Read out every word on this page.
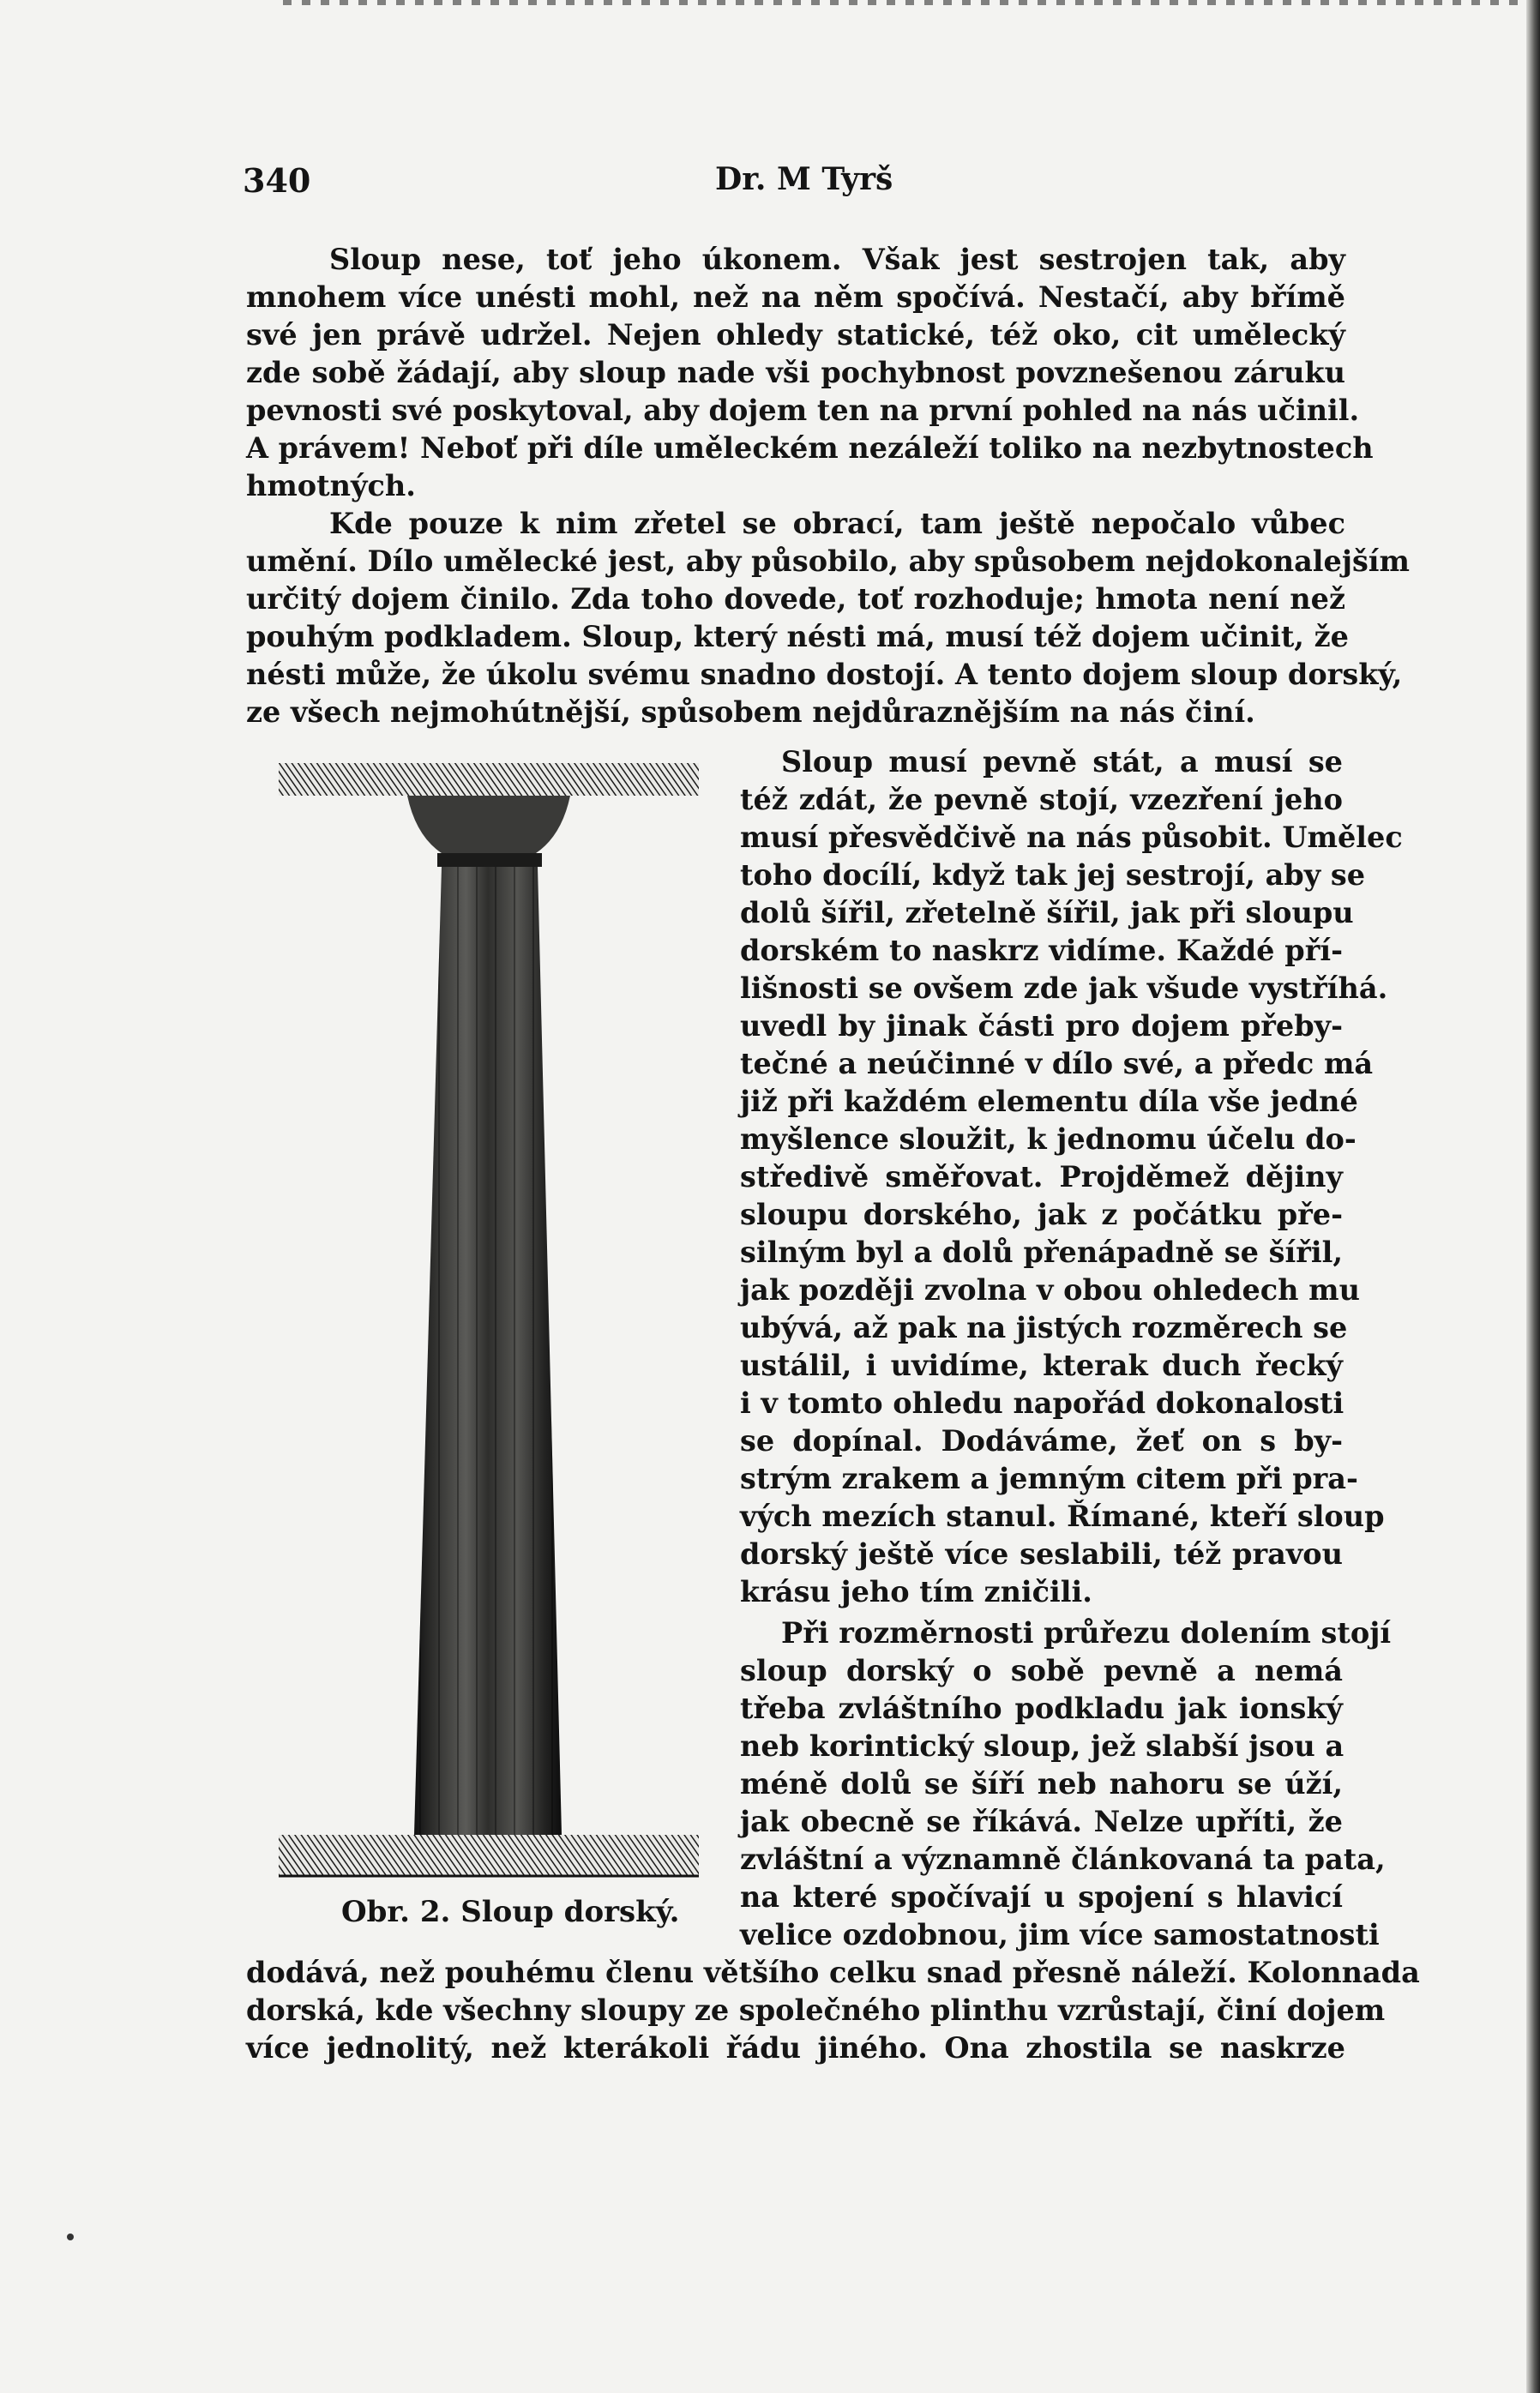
340	Dr. M Tyrš
Sloup nese, toť jeho úkonem. Však jest sestrojen tak, aby
mnohem více unésti mohl, než na něm spočívá. Nestačí, aby břímě
své jen právě udržel. Nejen ohledy statické, též oko, cit umělecký
zde sobě žádají, aby sloup nade vši pochybnost povznešenou záruku
pevnosti své poskytoval, aby dojem ten na první pohled na nás učinil.
A právem! Neboť při díle uměleckém nezáleží toliko na nezbytnostech
hmotných.
Kde pouze k nim zřetel se obrací, tam ještě nepočalo vůbec
umění. Dílo umělecké jest, aby působilo, aby spůsobem nejdokonalejším
určitý dojem činilo. Zda toho dovede, toť rozhoduje; hmota není než
pouhým podkladem. Sloup, který nésti má, musí též dojem učinit, že
nésti může, že úkolu svému snadno dostojí. A tento dojem sloup dorský,
ze všech nejmohútnější, spůsobem nejdůraznějším na nás činí.
Sloup musí pevně stát, a musí se
též zdát, že pevně stojí, vzezření jeho
musí přesvědčivě na nás působit. Umělec
toho docílí, když tak jej sestrojí, aby se
dolů šířil, zřetelně šířil, jak při sloupu
dorském to naskrz vidíme. Každé pří-
lišnosti se ovšem zde jak všude vystříhá.
uvedl by jinak části pro dojem přeby-
tečné a neúčinné v dílo své, a předc má
již při každém elementu díla vše jedné
myšlence sloužit, k jednomu účelu do-
středivě směřovat. Projděmež dějiny
sloupu dorského, jak z počátku pře-
silným byl a dolů přenápadně se šířil,
jak později zvolna v obou ohledech mu
ubývá, až pak na jistých rozměrech se
ustálil, i uvidíme, kterak duch řecký
i v tomto ohledu napořád dokonalosti
se dopínal. Dodáváme, žeť on s by-
strým zrakem a jemným citem při pra-
vých mezích stanul. Římané, kteří sloup
dorský ještě více seslabili, též pravou
krásu jeho tím zničili.
Při rozměrnosti průřezu dolením stojí
sloup dorský o sobě pevně a nemá
třeba zvláštního podkladu jak ionský
neb korintický sloup, jež slabší jsou a
méně dolů se šíří neb nahoru se úží,
jak obecně se říkává. Nelze upříti, že
zvláštní a významně článkovaná ta pata,
na které spočívají u spojení s hlavicí
velice ozdobnou, jim více samostatnosti
Obr. 2. Sloup dorský.
dodává, než pouhému členu většího celku snad přesně náleží. Kolonnada
dorská, kde všechny sloupy ze společného plinthu vzrůstají, činí dojem
více jednolitý, než kterákoli řádu jiného. Ona zhostila se naskrze
